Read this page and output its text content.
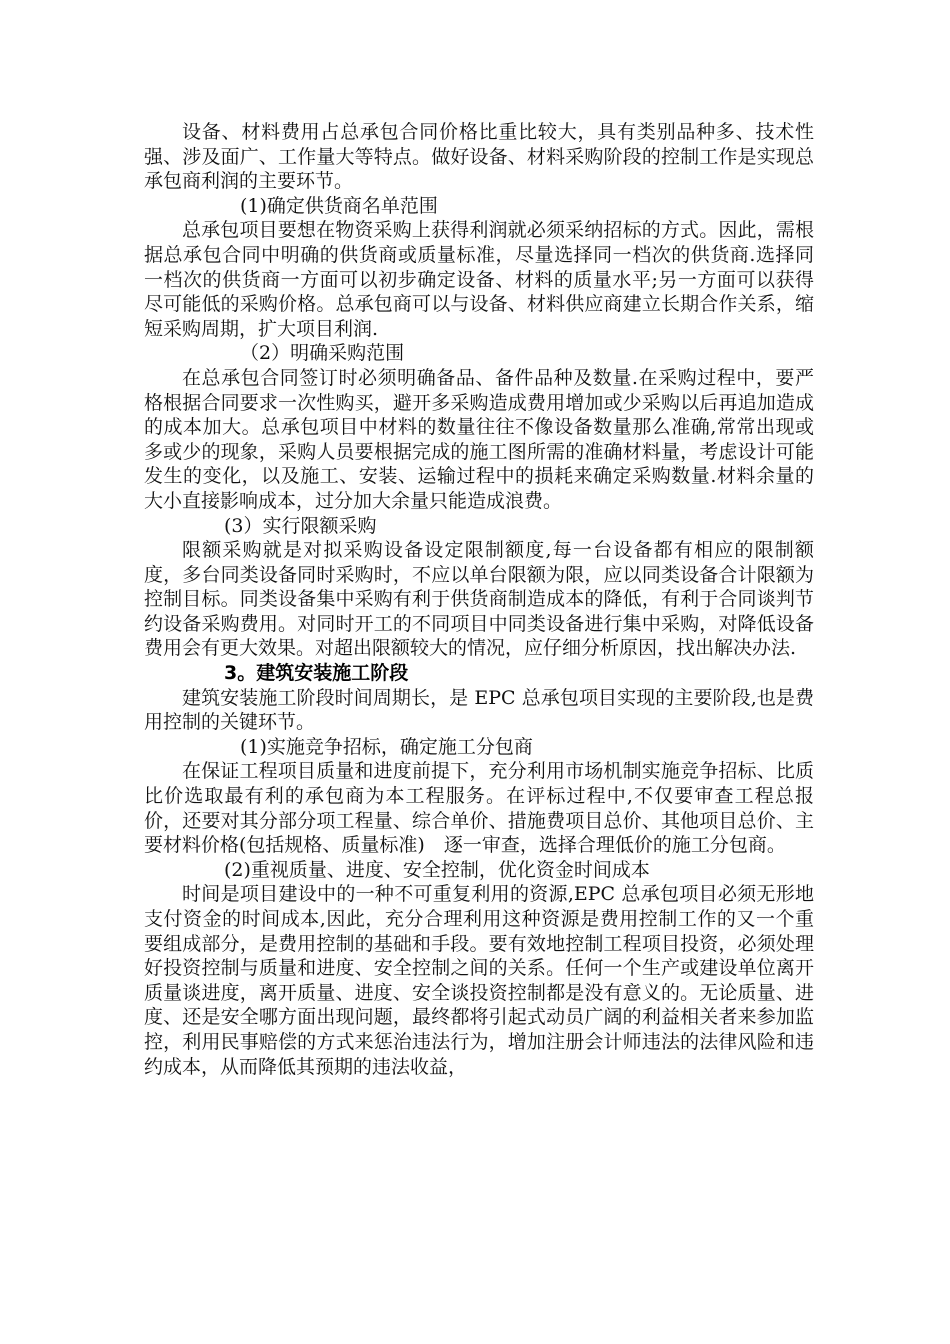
设备、材料费用占总承包合同价格比重比较大，具有类别品种多、技术性强、涉及面广、工作量大等特点。做好设备、材料采购阶段的控制工作是实现总承包商利润的主要环节。

(1)确定供货商名单范围

总承包项目要想在物资采购上获得利润就必须采纳招标的方式。因此，需根据总承包合同中明确的供货商或质量标准，尽量选择同一档次的供货商.选择同一档次的供货商一方面可以初步确定设备、材料的质量水平;另一方面可以获得尽可能低的采购价格。总承包商可以与设备、材料供应商建立长期合作关系，缩短采购周期，扩大项目利润.

（2）明确采购范围

在总承包合同签订时必须明确备品、备件品种及数量.在采购过程中，要严格根据合同要求一次性购买，避开多采购造成费用增加或少采购以后再追加造成的成本加大。总承包项目中材料的数量往往不像设备数量那么准确,常常出现或多或少的现象，采购人员要根据完成的施工图所需的准确材料量，考虑设计可能发生的变化，以及施工、安装、运输过程中的损耗来确定采购数量.材料余量的大小直接影响成本，过分加大余量只能造成浪费。

(3）实行限额采购

限额采购就是对拟采购设备设定限制额度,每一台设备都有相应的限制额度，多台同类设备同时采购时，不应以单台限额为限，应以同类设备合计限额为控制目标。同类设备集中采购有利于供货商制造成本的降低，有利于合同谈判节约设备采购费用。对同时开工的不同项目中同类设备进行集中采购，对降低设备费用会有更大效果。对超出限额较大的情况，应仔细分析原因，找出解决办法.

3。建筑安装施工阶段

建筑安装施工阶段时间周期长，是 EPC 总承包项目实现的主要阶段,也是费用控制的关键环节。

(1)实施竞争招标，确定施工分包商

在保证工程项目质量和进度前提下，充分利用市场机制实施竞争招标、比质比价选取最有利的承包商为本工程服务。在评标过程中,不仅要审查工程总报价，还要对其分部分项工程量、综合单价、措施费项目总价、其他项目总价、主要材料价格(包括规格、质量标准)　逐一审查，选择合理低价的施工分包商。

(2)重视质量、进度、安全控制，优化资金时间成本

时间是项目建设中的一种不可重复利用的资源,EPC 总承包项目必须无形地支付资金的时间成本,因此，充分合理利用这种资源是费用控制工作的又一个重要组成部分，是费用控制的基础和手段。要有效地控制工程项目投资，必须处理好投资控制与质量和进度、安全控制之间的关系。任何一个生产或建设单位离开质量谈进度，离开质量、进度、安全谈投资控制都是没有意义的。无论质量、进度、还是安全哪方面出现问题，最终都将引起式动员广阔的利益相关者来参加监控，利用民事赔偿的方式来惩治违法行为，增加注册会计师违法的法律风险和违约成本，从而降低其预期的违法收益，
